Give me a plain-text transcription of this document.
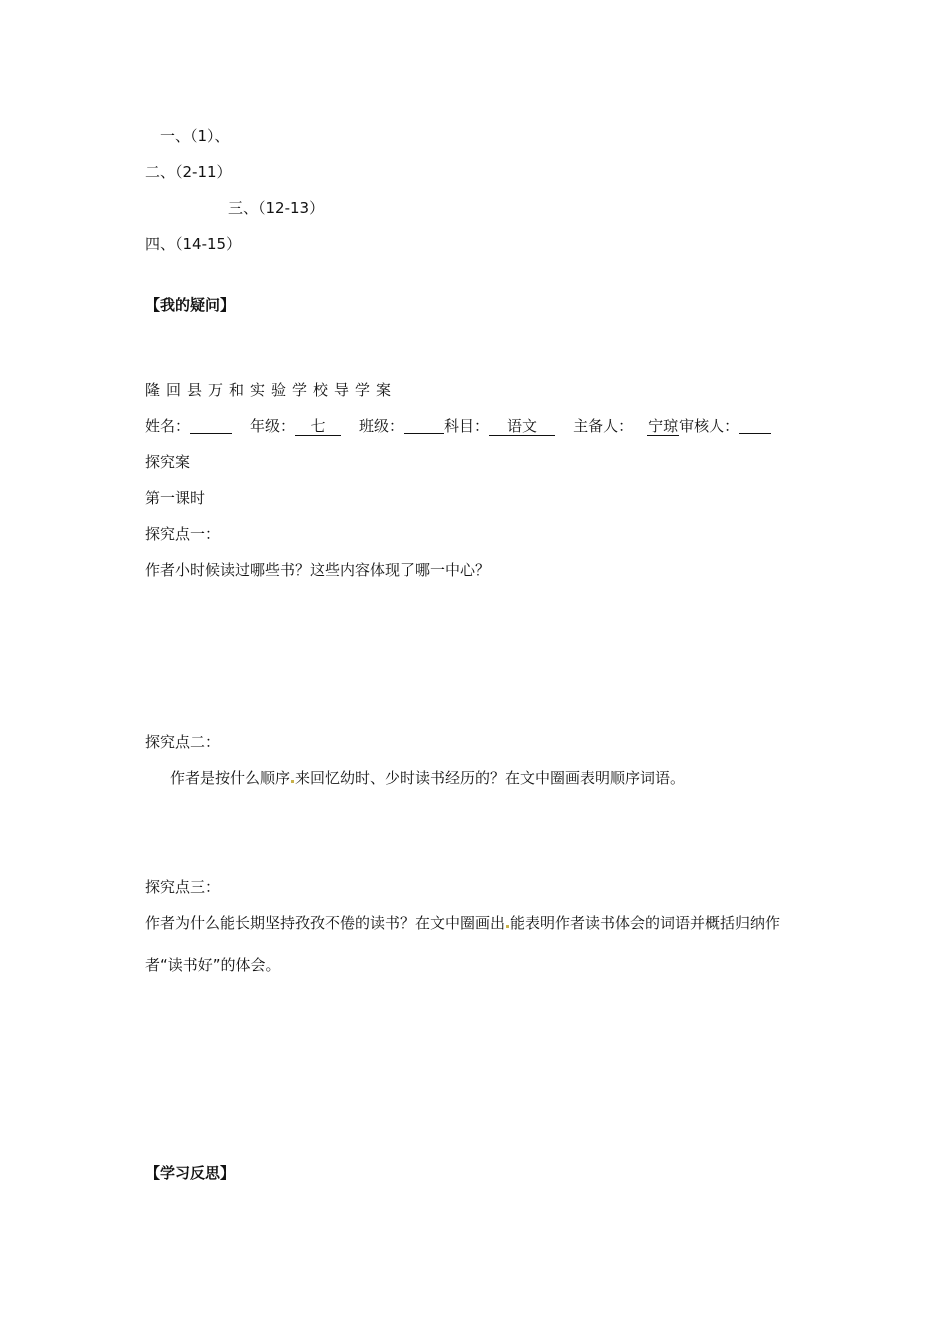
一、（1）、
二、（2-11）
三、（12-13）
四、（14-15）
【我的疑问】
隆回县万和实验学校导学案
姓名：	年级： 七 班级：	科目： 语文 主备人： 宁琼审核人：
探究案
第一课时
探究点一：
作者小时候读过哪些书？这些内容体现了哪一中心？
探究点二：
作者是按什么顺序 来回忆幼时、少时读书经历的？在文中圈画表明顺序词语。
探究点三：
作者为什么能长期坚持孜孜不倦的读书？在文中圈画出 能表明作者读书体会的词语并概括归纳作
者“读书好”的体会。
【学习反思】
